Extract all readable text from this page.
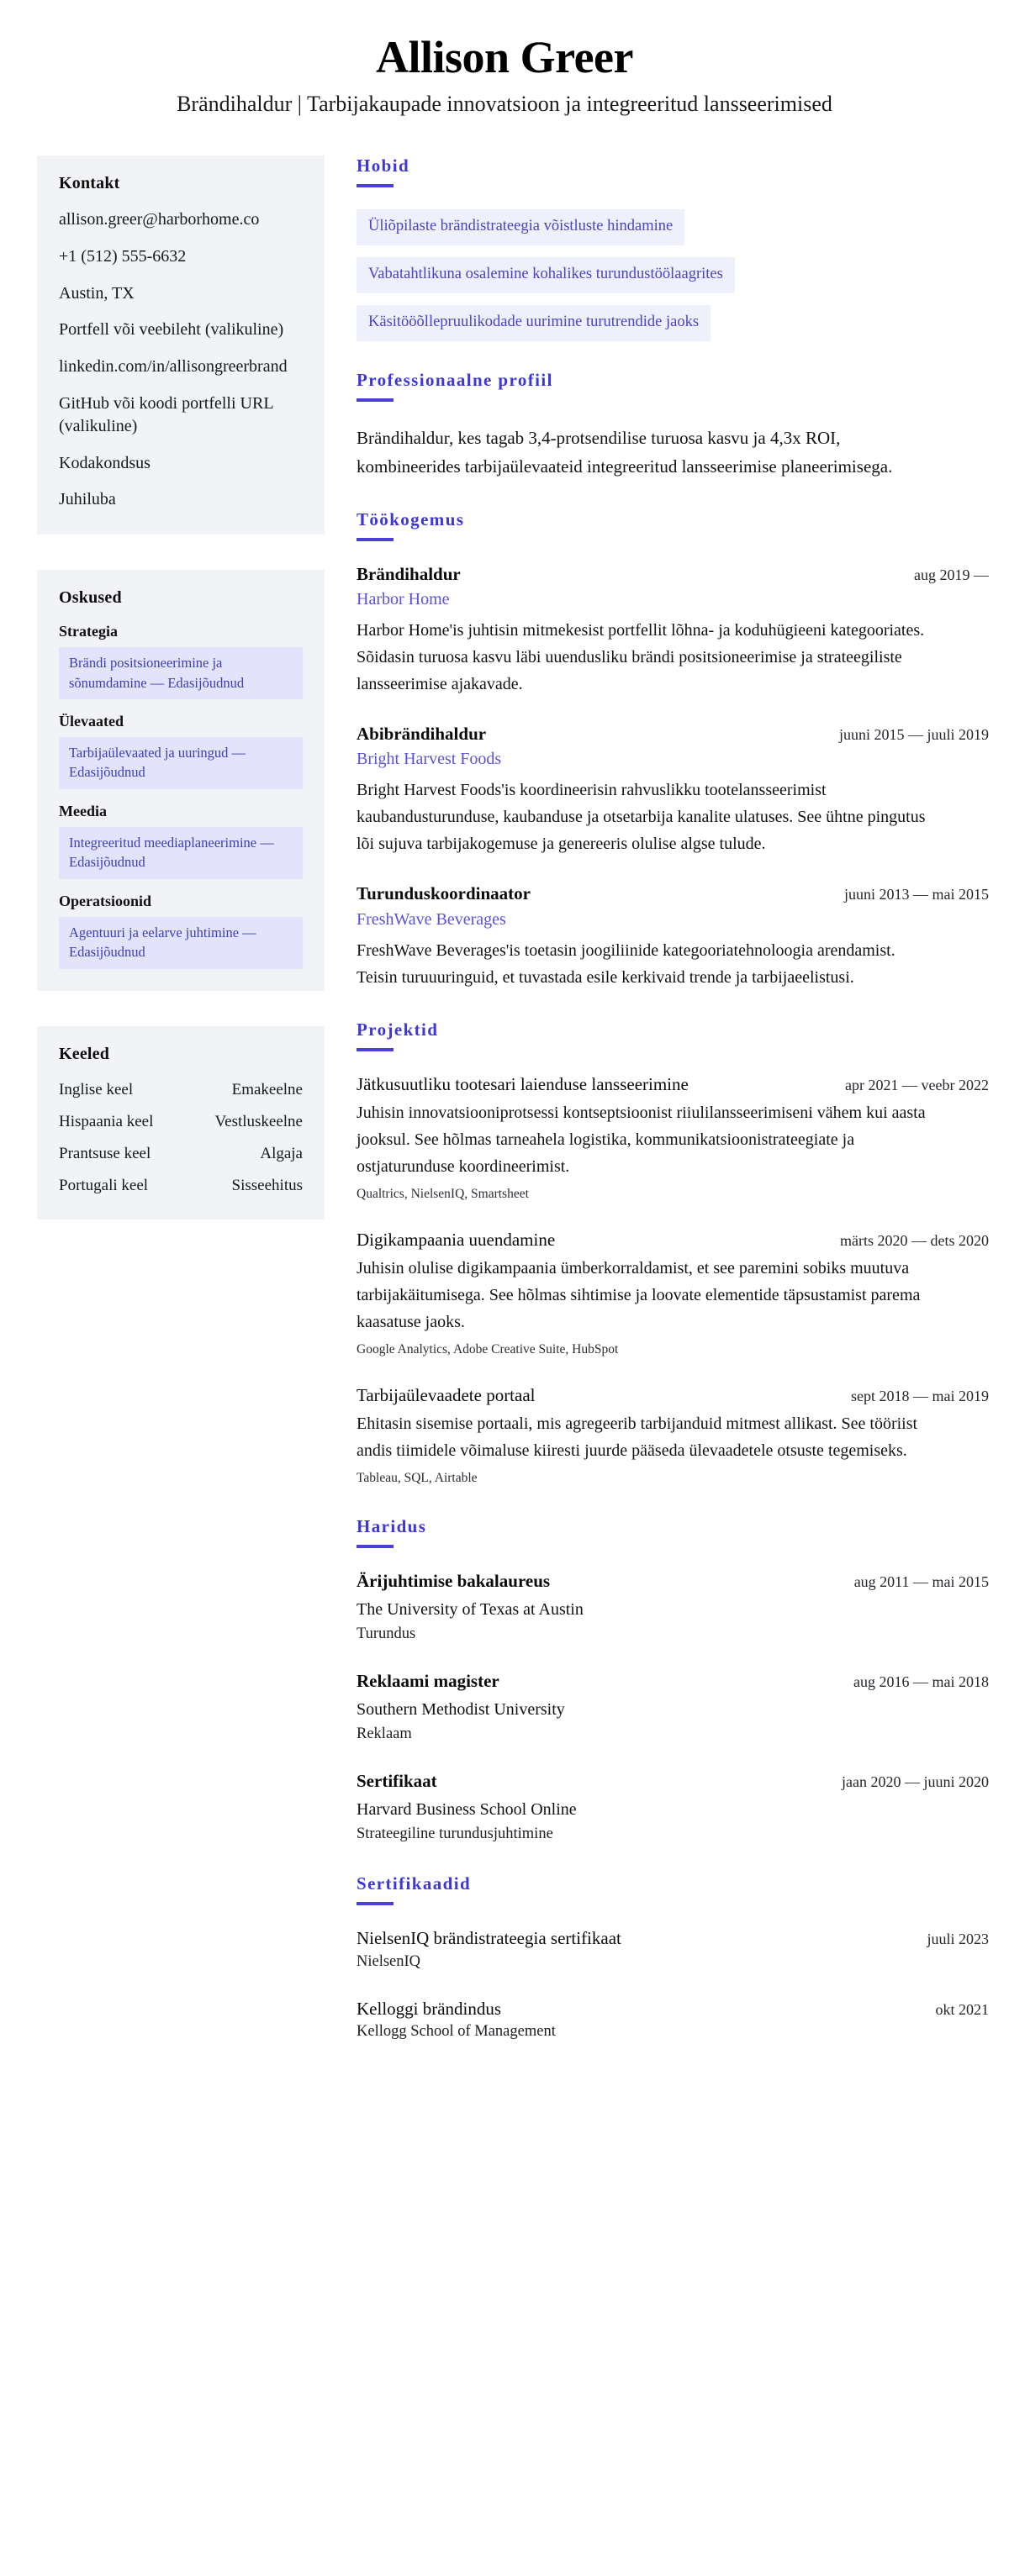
Allison Greer

Brändihaldur | Tarbijakaupade innovatsioon ja integreeritud lansseerimised

Kontakt
allison.greer@harborhome.co
+1 (512) 555-6632
Austin, TX
Portfell või veebileht (valikuline)
linkedin.com/in/allisongreerbrand
GitHub või koodi portfelli URL (valikuline)
Kodakondsus
Juhiluba
Oskused
Strategia
Brändi positsioneerimine ja sõnumdamine — Edasijõudnud
Ülevaated
Tarbijaülevaated ja uuringud — Edasijõudnud
Meedia
Integreeritud meediaplaneerimine — Edasijõudnud
Operatsioonid
Agentuuri ja eelarve juhtimine — Edasijõudnud
Keeled
Inglise keel	Emakeelne
Hispaania keel	Vestluskeelne
Prantsuse keel	Algaja
Portugali keel	Sisseehitus
Hobid
Üliõpilaste brändistrateegia võistluste hindamine
Vabatahtlikuna osalemine kohalikes turundustöölaagrites
Käsitööõllepruulikodade uurimine turutrendide jaoks
Professionaalne profiil

Brändihaldur, kes tagab 3,4-protsendilise turuosa kasvu ja 4,3x ROI, kombineerides tarbijaülevaateid integreeritud lansseerimise planeerimisega.

Töökogemus
Brändihaldur	aug 2019 —
Harbor Home

Harbor Home'is juhtisin mitmekesist portfellit lõhna- ja koduhügieeni kategooriates. Sõidasin turuosa kasvu läbi uuendusliku brändi positsioneerimise ja strateegiliste lansseerimise ajakavade.

Abibrändihaldur	juuni 2015 — juuli 2019
Bright Harvest Foods

Bright Harvest Foods'is koordineerisin rahvuslikku tootelansseerimist kaubandusturunduse, kaubanduse ja otsetarbija kanalite ulatuses. See ühtne pingutus lõi sujuva tarbijakogemuse ja genereeris olulise algse tulude.

Turunduskoordinaator	juuni 2013 — mai 2015
FreshWave Beverages

FreshWave Beverages'is toetasin joogiliinide kategooriatehnoloogia arendamist. Teisin turuuuringuid, et tuvastada esile kerkivaid trende ja tarbijaeelistusi.

Projektid
Jätkusuutliku tootesari laienduse lansseerimine	apr 2021 — veebr 2022

Juhisin innovatsiooniprotsessi kontseptsioonist riiulilansseerimiseni vähem kui aasta jooksul. See hõlmas tarneahela logistika, kommunikatsioonistrateegiate ja ostjaturunduse koordineerimist.

Qualtrics, NielsenIQ, Smartsheet

Digikampaania uuendamine	märts 2020 — dets 2020

Juhisin olulise digikampaania ümberkorraldamist, et see paremini sobiks muutuva tarbijakäitumisega. See hõlmas sihtimise ja loovate elementide täpsustamist parema kaasatuse jaoks.

Google Analytics, Adobe Creative Suite, HubSpot

Tarbijaülevaadete portaal	sept 2018 — mai 2019

Ehitasin sisemise portaali, mis agregeerib tarbijanduid mitmest allikast. See tööriist andis tiimidele võimaluse kiiresti juurde pääseda ülevaadetele otsuste tegemiseks.

Tableau, SQL, Airtable

Haridus
Ärijuhtimise bakalaureus	aug 2011 — mai 2015
The University of Texas at Austin
Turundus
Reklaami magister	aug 2016 — mai 2018
Southern Methodist University
Reklaam
Sertifikaat	jaan 2020 — juuni 2020
Harvard Business School Online
Strateegiline turundusjuhtimine
Sertifikaadid
NielsenIQ brändistrateegia sertifikaat	juuli 2023
NielsenIQ
Kelloggi brändindus	okt 2021
Kellogg School of Management
